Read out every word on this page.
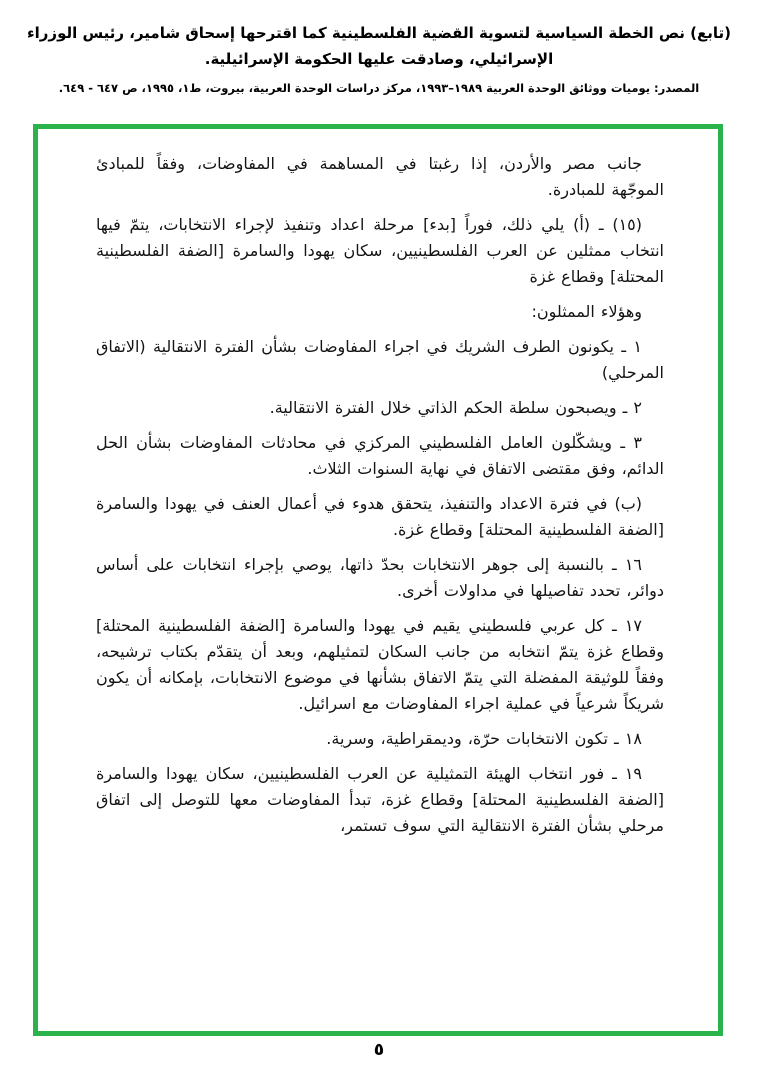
(تابع) نص الخطة السياسية لتسوية القضية الفلسطينية كما اقترحها إسحاق شامير، رئيس الوزراء الإسرائيلي، وصادقت عليها الحكومة الإسرائيلية.
المصدر: يوميات ووثائق الوحدة العربية ١٩٨٩–١٩٩٣، مركز دراسات الوحدة العربية، بيروت، ط١، ١٩٩٥، ص ٦٤٧ - ٦٤٩.

جانب مصر والأردن، إذا رغبتا في المساهمة في المفاوضات، وفقاً للمبادئ الموجّهة للمبادرة.

(١٥) ـ (أ) يلي ذلك، فوراً [بدء] مرحلة اعداد وتنفيذ لإجراء الانتخابات، يتمّ فيها انتخاب ممثلين عن العرب الفلسطينيين، سكان يهودا والسامرة [الضفة الفلسطينية المحتلة] وقطاع غزة

وهؤلاء الممثلون:

١ ـ يكونون الطرف الشريك في اجراء المفاوضات بشأن الفترة الانتقالية (الاتفاق المرحلي)

٢ ـ ويصبحون سلطة الحكم الذاتي خلال الفترة الانتقالية.

٣ ـ ويشكّلون العامل الفلسطيني المركزي في محادثات المفاوضات بشأن الحل الدائم، وفق مقتضى الاتفاق في نهاية السنوات الثلاث.

(ب) في فترة الاعداد والتنفيذ، يتحقق هدوء في أعمال العنف في يهودا والسامرة [الضفة الفلسطينية المحتلة] وقطاع غزة.

١٦ ـ بالنسبة إلى جوهر الانتخابات بحدّ ذاتها، يوصي بإجراء انتخابات على أساس دوائر، تحدد تفاصيلها في مداولات أخرى.

١٧ ـ كل عربي فلسطيني يقيم في يهودا والسامرة [الضفة الفلسطينية المحتلة] وقطاع غزة يتمّ انتخابه من جانب السكان لتمثيلهم، وبعد أن يتقدّم بكتاب ترشيحه، وفقاً للوثيقة المفضلة التي يتمّ الاتفاق بشأنها في موضوع الانتخابات، بإمكانه أن يكون شريكاً شرعياً في عملية اجراء المفاوضات مع اسرائيل.

١٨ ـ تكون الانتخابات حرّة، وديمقراطية، وسرية.

١٩ ـ فور انتخاب الهيئة التمثيلية عن العرب الفلسطينيين، سكان يهودا والسامرة [الضفة الفلسطينية المحتلة] وقطاع غزة، تبدأ المفاوضات معها للتوصل إلى اتفاق مرحلي بشأن الفترة الانتقالية التي سوف تستمر،

٥
